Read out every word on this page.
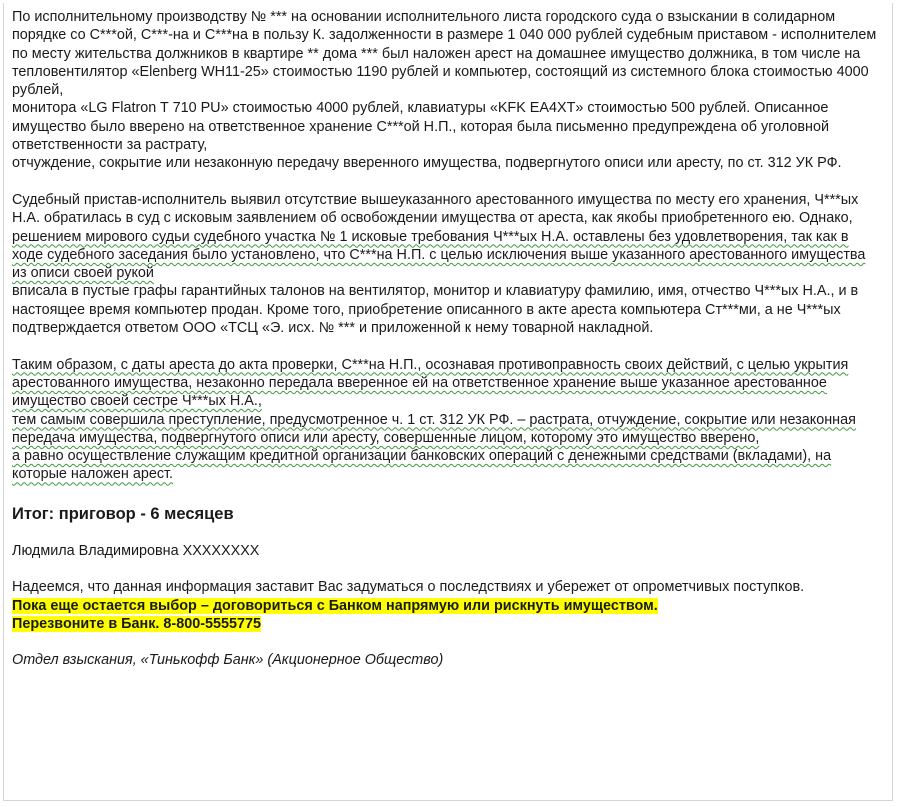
По исполнительному производству № *** на основании исполнительного листа городского суда о взыскании в солидарном порядке со С***ой, С***-на и С***на в пользу К. задолженности в размере 1 040 000 рублей судебным приставом - исполнителем

по месту жительства должников в квартире ** дома *** был наложен арест на домашнее имущество должника, в том числе на тепловентилятор «Elenberg WH11-25» стоимостью 1190 рублей и компьютер, состоящий из системного блока стоимостью 4000 рублей,

монитора «LG Flatron T 710 PU» стоимостью 4000 рублей, клавиатуры «KFK EA4XT» стоимостью 500 рублей. Описанное имущество было вверено на ответственное хранение С***ой Н.П., которая была письменно предупреждена об уголовной ответственности за растрату,

отчуждение, сокрытие или незаконную передачу вверенного имущества, подвергнутого описи или аресту, по ст. 312 УК РФ.

Судебный пристав-исполнитель выявил отсутствие вышеуказанного арестованного имущества по месту его хранения, Ч***ых Н.А. обратилась в суд с исковым заявлением об освобождении имущества от ареста, как якобы приобретенного ею. Однако,

решением мирового судьи судебного участка № 1 исковые требования Ч***ых Н.А. оставлены без удовлетворения, так как в ходе судебного заседания было установлено, что С***на Н.П. с целью исключения выше указанного арестованного имущества из описи своей рукой

вписала в пустые графы гарантийных талонов на вентилятор, монитор и клавиатуру фамилию, имя, отчество Ч***ых Н.А., и в настоящее время компьютер продан. Кроме того, приобретение описанного в акте ареста компьютера Ст***ми, а не Ч***ых

подтверждается ответом ООО «ТСЦ «Э. исх. № *** и приложенной к нему товарной накладной.

Таким образом, с даты ареста до акта проверки, С***на Н.П., осознавая противоправность своих действий, с целью укрытия арестованного имущества, незаконно передала вверенное ей на ответственное хранение выше указанное арестованное имущество своей сестре Ч***ых Н.А.,

тем самым совершила преступление, предусмотренное ч. 1 ст. 312 УК РФ. – растрата, отчуждение, сокрытие или незаконная передача имущества, подвергнутого описи или аресту, совершенные лицом, которому это имущество вверено,

а равно осуществление служащим кредитной организации банковских операций с денежными средствами (вкладами), на которые наложен арест.

Итог: приговор - 6 месяцев

Людмила Владимировна ХХХХХХХХ

Надеемся, что данная информация заставит Вас задуматься о последствиях и убережет от опрометчивых поступков.

Пока еще остается выбор – договориться с Банком напрямую или рискнуть имуществом.

Перезвоните в Банк. 8-800-5555775

Отдел взыскания, «Тинькофф Банк» (Акционерное Общество)
